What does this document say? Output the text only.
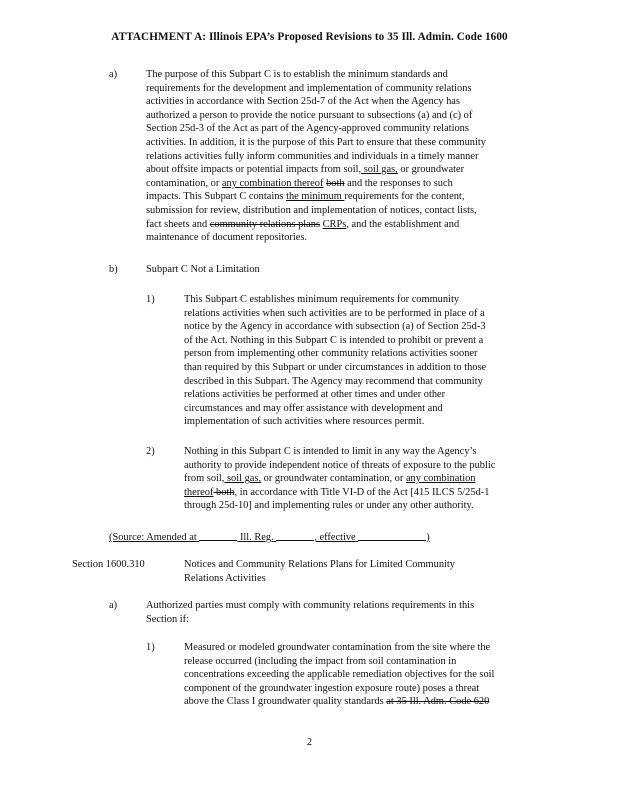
ATTACHMENT A: Illinois EPA’s Proposed Revisions to 35 Ill. Admin. Code 1600
a)	The purpose of this Subpart C is to establish the minimum standards and

requirements for the development and implementation of community relations

activities in accordance with Section 25d-7 of the Act when the Agency has

authorized a person to provide the notice pursuant to subsections (a) and (c) of

Section 25d-3 of the Act as part of the Agency-approved community relations

activities. In addition, it is the purpose of this Part to ensure that these community

relations activities fully inform communities and individuals in a timely manner

about offsite impacts or potential impacts from soil, soil gas, or groundwater

contamination, or any combination thereof both and the responses to such

impacts. This Subpart C contains the minimum requirements for the content,

submission for review, distribution and implementation of notices, contact lists,

fact sheets and community relations plans CRPs, and the establishment and

maintenance of document repositories.

b)	Subpart C Not a Limitation
1)	This Subpart C establishes minimum requirements for community

relations activities when such activities are to be performed in place of a

notice by the Agency in accordance with subsection (a) of Section 25d-3

of the Act. Nothing in this Subpart C is intended to prohibit or prevent a

person from implementing other community relations activities sooner

than required by this Subpart or under circumstances in addition to those

described in this Subpart. The Agency may recommend that community

relations activities be performed at other times and under other

circumstances and may offer assistance with development and

implementation of such activities where resources permit.

2)	Nothing in this Subpart C is intended to limit in any way the Agency’s

authority to provide independent notice of threats of exposure to the public

from soil, soil gas, or groundwater contamination, or any combination

thereof both, in accordance with Title VI-D of the Act [415 ILCS 5/25d-1

through 25d-10] and implementing rules or under any other authority.

(Source: Amended at	Ill. Reg.	, effective	)

Section 1600.310	Notices and Community Relations Plans for Limited Community

Relations Activities

a)	Authorized parties must comply with community relations requirements in this

Section if:

1)	Measured or modeled groundwater contamination from the site where the

release occurred (including the impact from soil contamination in

concentrations exceeding the applicable remediation objectives for the soil

component of the groundwater ingestion exposure route) poses a threat

above the Class I groundwater quality standards at 35 Ill. Adm. Code 620

2
